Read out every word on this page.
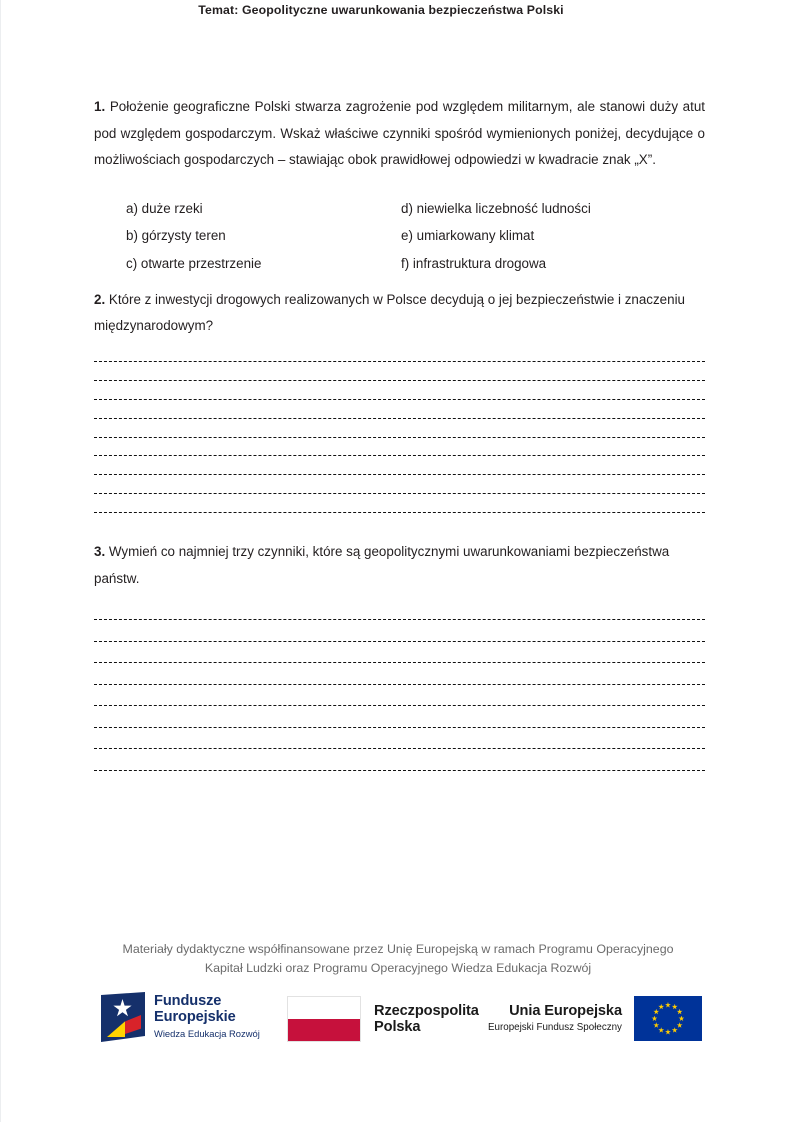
Temat: Geopolityczne uwarunkowania bezpieczeństwa Polski

1. Położenie geograficzne Polski stwarza zagrożenie pod względem militarnym, ale stanowi duży atut pod względem gospodarczym. Wskaż właściwe czynniki spośród wymienionych poniżej, decydujące o możliwościach gospodarczych – stawiając obok prawidłowej odpowiedzi w kwadracie znak „X”.

a) duże rzeki
b) górzysty teren
c) otwarte przestrzenie
d) niewielka liczebność ludności
e) umiarkowany klimat
f) infrastruktura drogowa

2. Które z inwestycji drogowych realizowanych w Polsce decydują o jej bezpieczeństwie i znaczeniu międzynarodowym?

3. Wymień co najmniej trzy czynniki, które są geopolitycznymi uwarunkowaniami bezpieczeństwa państw.

Materiały dydaktyczne współfinansowane przez Unię Europejską w ramach Programu Operacyjnego
Kapitał Ludzki oraz Programu Operacyjnego Wiedza Edukacja Rozwój
Fundusze
Europejskie
Wiedza Edukacja Rozwój
Rzeczpospolita
Polska
Unia Europejska
Europejski Fundusz Społeczny
